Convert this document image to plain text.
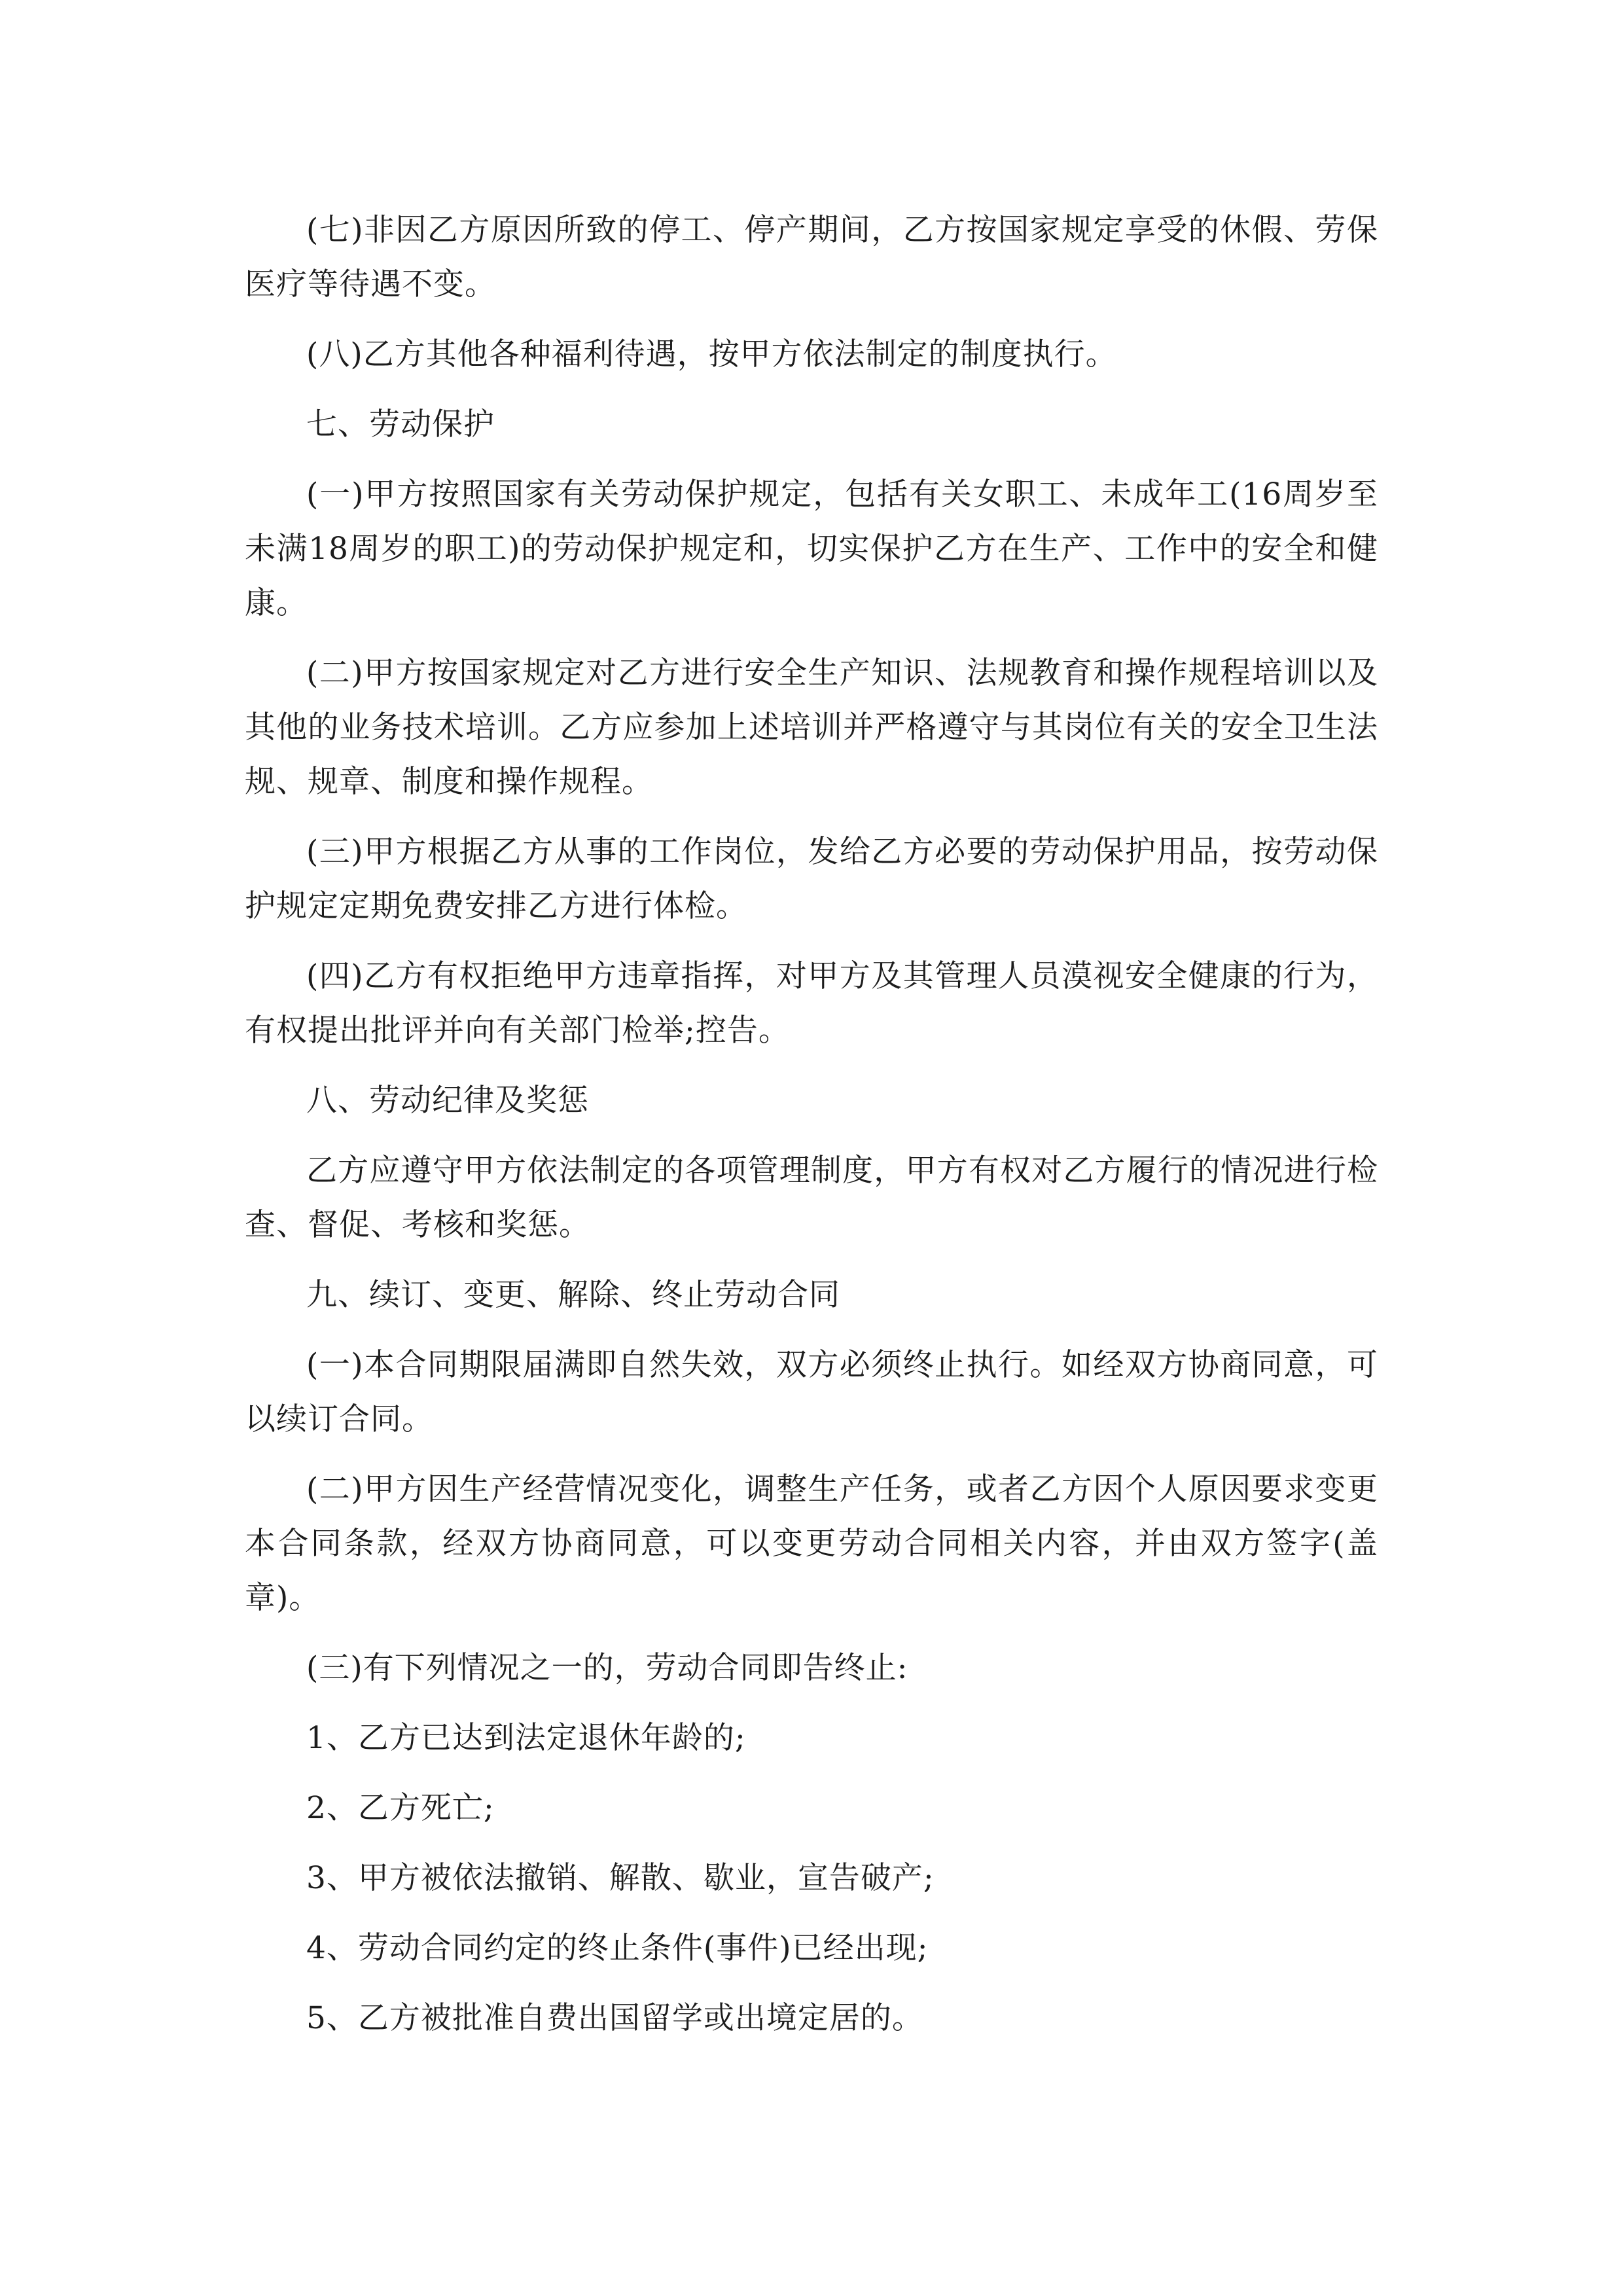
(七)非因乙方原因所致的停工、停产期间，乙方按国家规定享受的休假、劳保医疗等待遇不变。

(八)乙方其他各种福利待遇，按甲方依法制定的制度执行。

七、劳动保护

(一)甲方按照国家有关劳动保护规定，包括有关女职工、未成年工(16周岁至未满18周岁的职工)的劳动保护规定和，切实保护乙方在生产、工作中的安全和健康。

(二)甲方按国家规定对乙方进行安全生产知识、法规教育和操作规程培训以及其他的业务技术培训。乙方应参加上述培训并严格遵守与其岗位有关的安全卫生法规、规章、制度和操作规程。

(三)甲方根据乙方从事的工作岗位，发给乙方必要的劳动保护用品，按劳动保护规定定期免费安排乙方进行体检。

(四)乙方有权拒绝甲方违章指挥，对甲方及其管理人员漠视安全健康的行为，有权提出批评并向有关部门检举;控告。

八、劳动纪律及奖惩

乙方应遵守甲方依法制定的各项管理制度，甲方有权对乙方履行的情况进行检查、督促、考核和奖惩。

九、续订、变更、解除、终止劳动合同

(一)本合同期限届满即自然失效，双方必须终止执行。如经双方协商同意，可以续订合同。

(二)甲方因生产经营情况变化，调整生产任务，或者乙方因个人原因要求变更本合同条款，经双方协商同意，可以变更劳动合同相关内容，并由双方签字(盖章)。

(三)有下列情况之一的，劳动合同即告终止:

1、乙方已达到法定退休年龄的;

2、乙方死亡;

3、甲方被依法撤销、解散、歇业，宣告破产;

4、劳动合同约定的终止条件(事件)已经出现;

5、乙方被批准自费出国留学或出境定居的。
